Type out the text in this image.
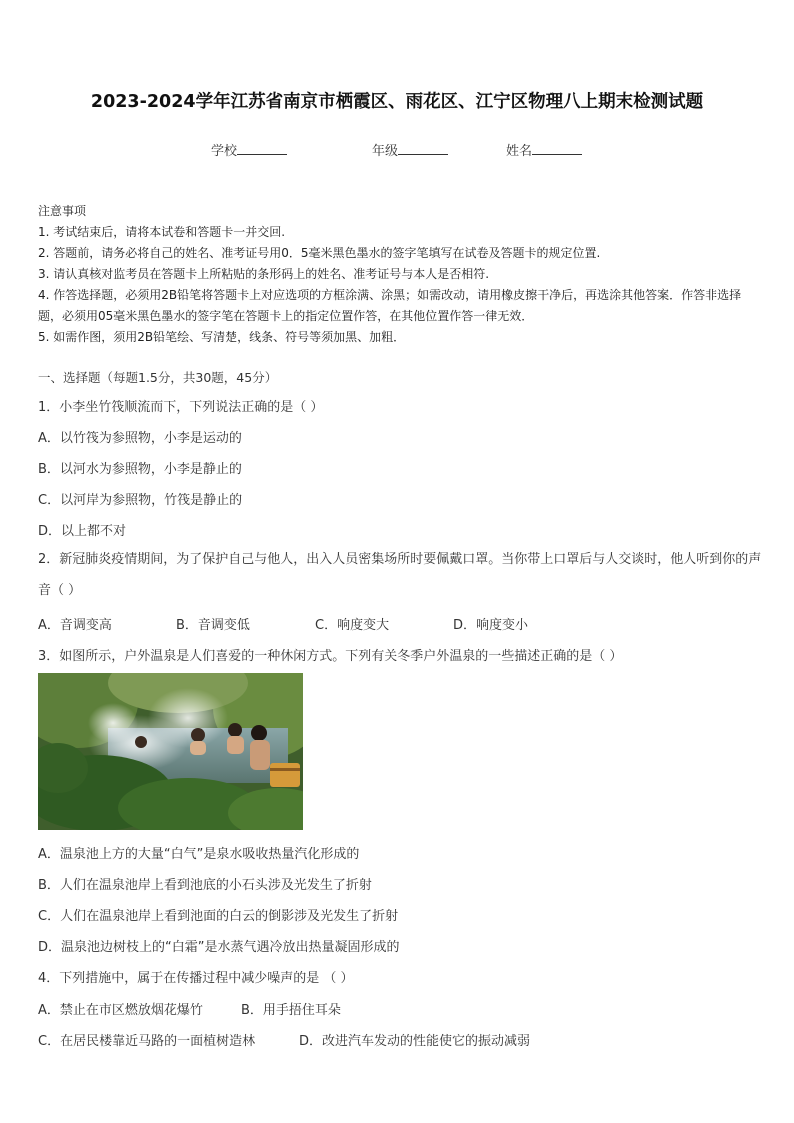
2023-2024学年江苏省南京市栖霞区、雨花区、江宁区物理八上期末检测试题
学校	年级	姓名

注意事项

1. 考试结束后，请将本试卷和答题卡一并交回.

2. 答题前，请务必将自己的姓名、准考证号用0．5毫米黑色墨水的签字笔填写在试卷及答题卡的规定位置.

3. 请认真核对监考员在答题卡上所粘贴的条形码上的姓名、准考证号与本人是否相符.

4. 作答选择题，必须用2B铅笔将答题卡上对应选项的方框涂满、涂黑；如需改动，请用橡皮擦干净后，再选涂其他答案．作答非选择题，必须用05毫米黑色墨水的签字笔在答题卡上的指定位置作答，在其他位置作答一律无效．

5. 如需作图，须用2B铅笔绘、写清楚，线条、符号等须加黑、加粗．

一、选择题（每题1.5分，共30题，45分）
1．小李坐竹筏顺流而下，下列说法正确的是（ ）
A．以竹筏为参照物，小李是运动的
B．以河水为参照物，小李是静止的
C．以河岸为参照物，竹筏是静止的
D．以上都不对
2．新冠肺炎疫情期间，为了保护自己与他人，出入人员密集场所时要佩戴口罩。当你带上口罩后与人交谈时，他人听到你的声音（ ）
A．音调变高	B．音调变低	C．响度变大	D．响度变小
3．如图所示，户外温泉是人们喜爱的一种休闲方式。下列有关冬季户外温泉的一些描述正确的是（ ）
A．温泉池上方的大量“白气”是泉水吸收热量汽化形成的
B．人们在温泉池岸上看到池底的小石头涉及光发生了折射
C．人们在温泉池岸上看到池面的白云的倒影涉及光发生了折射
D．温泉池边树枝上的“白霜”是水蒸气遇冷放出热量凝固形成的
4．下列措施中，属于在传播过程中减少噪声的是 （ ）
A．禁止在市区燃放烟花爆竹	B．用手捂住耳朵
C．在居民楼靠近马路的一面植树造林	D．改进汽车发动的性能使它的振动减弱
